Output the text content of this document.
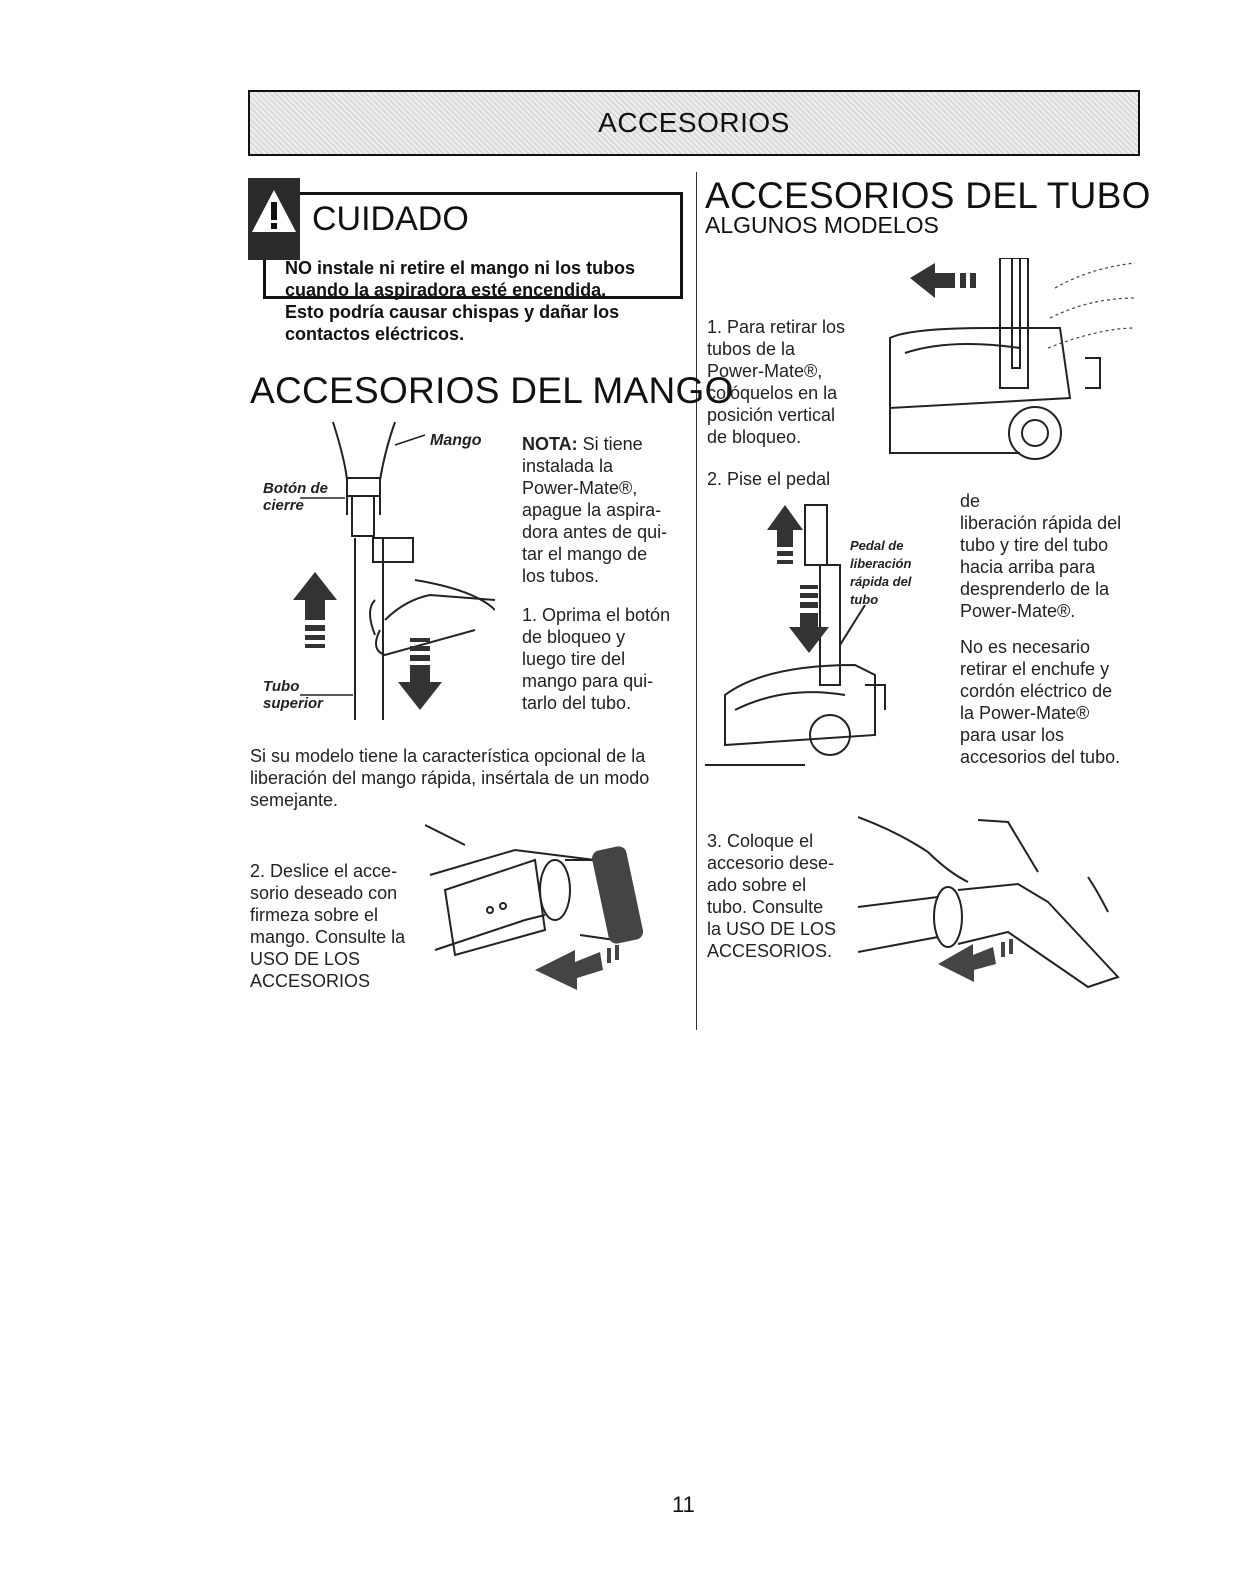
ACCESORIOS
CUIDADO
NO instale ni retire el mango ni los tubos
cuando la aspiradora esté encendida.
Esto podría causar chispas y dañar los
contactos eléctricos.
ACCESORIOS DEL MANGO
Mango
Botón de
cierre
Tubo
superior
NOTA: Si tiene
instalada la
Power-Mate®,
apague la aspira-
dora antes de qui-
tar el mango de
los tubos.
1. Oprima el botón
de bloqueo y
luego tire del
mango para qui-
tarlo del tubo.
Si su modelo tiene la característica opcional de la
liberación del mango rápida, insértala de un modo
semejante.
2. Deslice el acce-
sorio deseado con
firmeza sobre el
mango. Consulte la
USO DE LOS
ACCESORIOS
ACCESORIOS DEL TUBO
ALGUNOS MODELOS
1. Para retirar los
tubos de la
Power-Mate®,
colóquelos en la
posición vertical
de bloqueo.
2. Pise el pedal
Pedal de
liberación
rápida del
tubo
de
liberación rápida del
tubo y tire del tubo
hacia arriba para
desprenderlo de la
Power-Mate®.
No es necesario
retirar el enchufe y
cordón eléctrico de
la Power-Mate®
para usar los
accesorios del tubo.
3. Coloque el
accesorio dese-
ado sobre el
tubo. Consulte
la USO DE LOS
ACCESORIOS.
11
